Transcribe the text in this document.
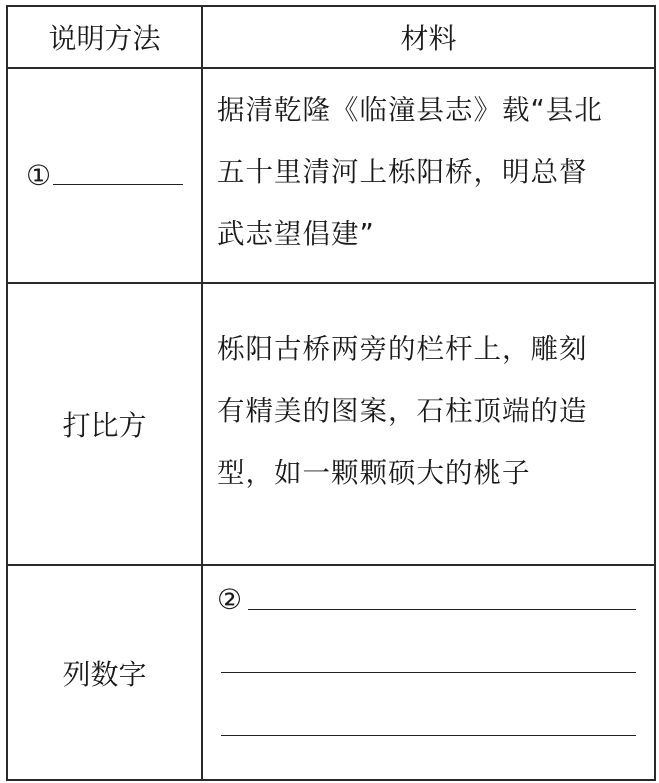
说明方法	材料
①	据清乾隆《临潼县志》载“县北
五十里清河上栎阳桥，明总督
武志望倡建”

打比方	栎阳古桥两旁的栏杆上，雕刻
有精美的图案，石柱顶端的造
型，如一颗颗硕大的桃子

列数字	②
